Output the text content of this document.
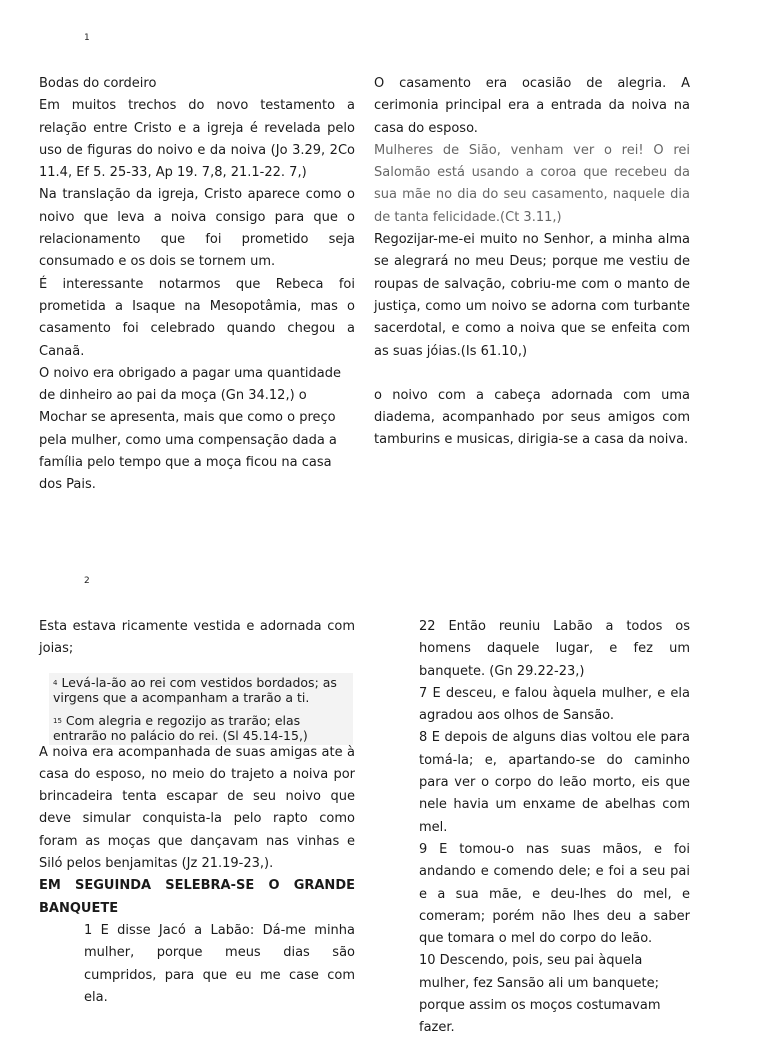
1

Bodas do cordeiro

Em muitos trechos do novo testamento a relação entre Cristo e a igreja é revelada pelo uso de figuras do noivo e da noiva (Jo 3.29, 2Co 11.4, Ef 5. 25-33, Ap 19. 7,8, 21.1-22. 7,)

Na translação da igreja, Cristo aparece como o noivo que leva a noiva consigo para que o relacionamento que foi prometido seja consumado e os dois se tornem um.

É interessante notarmos que Rebeca foi prometida a Isaque na Mesopotâmia, mas o casamento foi celebrado quando chegou a Canaã.

O noivo era obrigado a pagar uma quantidade de dinheiro ao pai da moça (Gn 34.12,) o Mochar se apresenta, mais que como o preço pela mulher, como uma compensação dada a família pelo tempo que a moça ficou na casa dos Pais.

O casamento era ocasião de alegria. A cerimonia principal era a entrada da noiva na casa do esposo.

Mulheres de Sião, venham ver o rei! O rei Salomão está usando a coroa que recebeu da sua mãe no dia do seu casamento, naquele dia de tanta felicidade.(Ct 3.11,)

Regozijar-me-ei muito no Senhor, a minha alma se alegrará no meu Deus; porque me vestiu de roupas de salvação, cobriu-me com o manto de justiça, como um noivo se adorna com turbante sacerdotal, e como a noiva que se enfeita com as suas jóias.(Is 61.10,)

o noivo com a cabeça adornada com uma diadema, acompanhado por seus amigos com tamburins e musicas, dirigia-se a casa da noiva.

2

Esta estava ricamente vestida e adornada com joias;

$^4$ Levá-la-ão ao rei com vestidos bordados; as virgens que a acompanham a trarão a ti.

$^{15}$ Com alegria e regozijo as trarão; elas entrarão no palácio do rei. (Sl 45.14-15,)

A noiva era acompanhada de suas amigas ate à casa do esposo, no meio do trajeto a noiva por brincadeira tenta escapar de seu noivo que deve simular conquista-la pelo rapto como foram as moças que dançavam nas vinhas e Siló pelos benjamitas (Jz 21.19-23,).

EM SEGUINDA SELEBRA-SE O GRANDE BANQUETE

1 E disse Jacó a Labão: Dá-me minha mulher, porque meus dias são cumpridos, para que eu me case com ela.

22 Então reuniu Labão a todos os homens daquele lugar, e fez um banquete. (Gn 29.22-23,)

7 E desceu, e falou àquela mulher, e ela agradou aos olhos de Sansão.

8 E depois de alguns dias voltou ele para tomá-la; e, apartando-se do caminho para ver o corpo do leão morto, eis que nele havia um enxame de abelhas com mel.

9 E tomou-o nas suas mãos, e foi andando e comendo dele; e foi a seu pai e a sua mãe, e deu-lhes do mel, e comeram; porém não lhes deu a saber que tomara o mel do corpo do leão.

10 Descendo, pois, seu pai àquela mulher, fez Sansão ali um banquete; porque assim os moços costumavam fazer.
